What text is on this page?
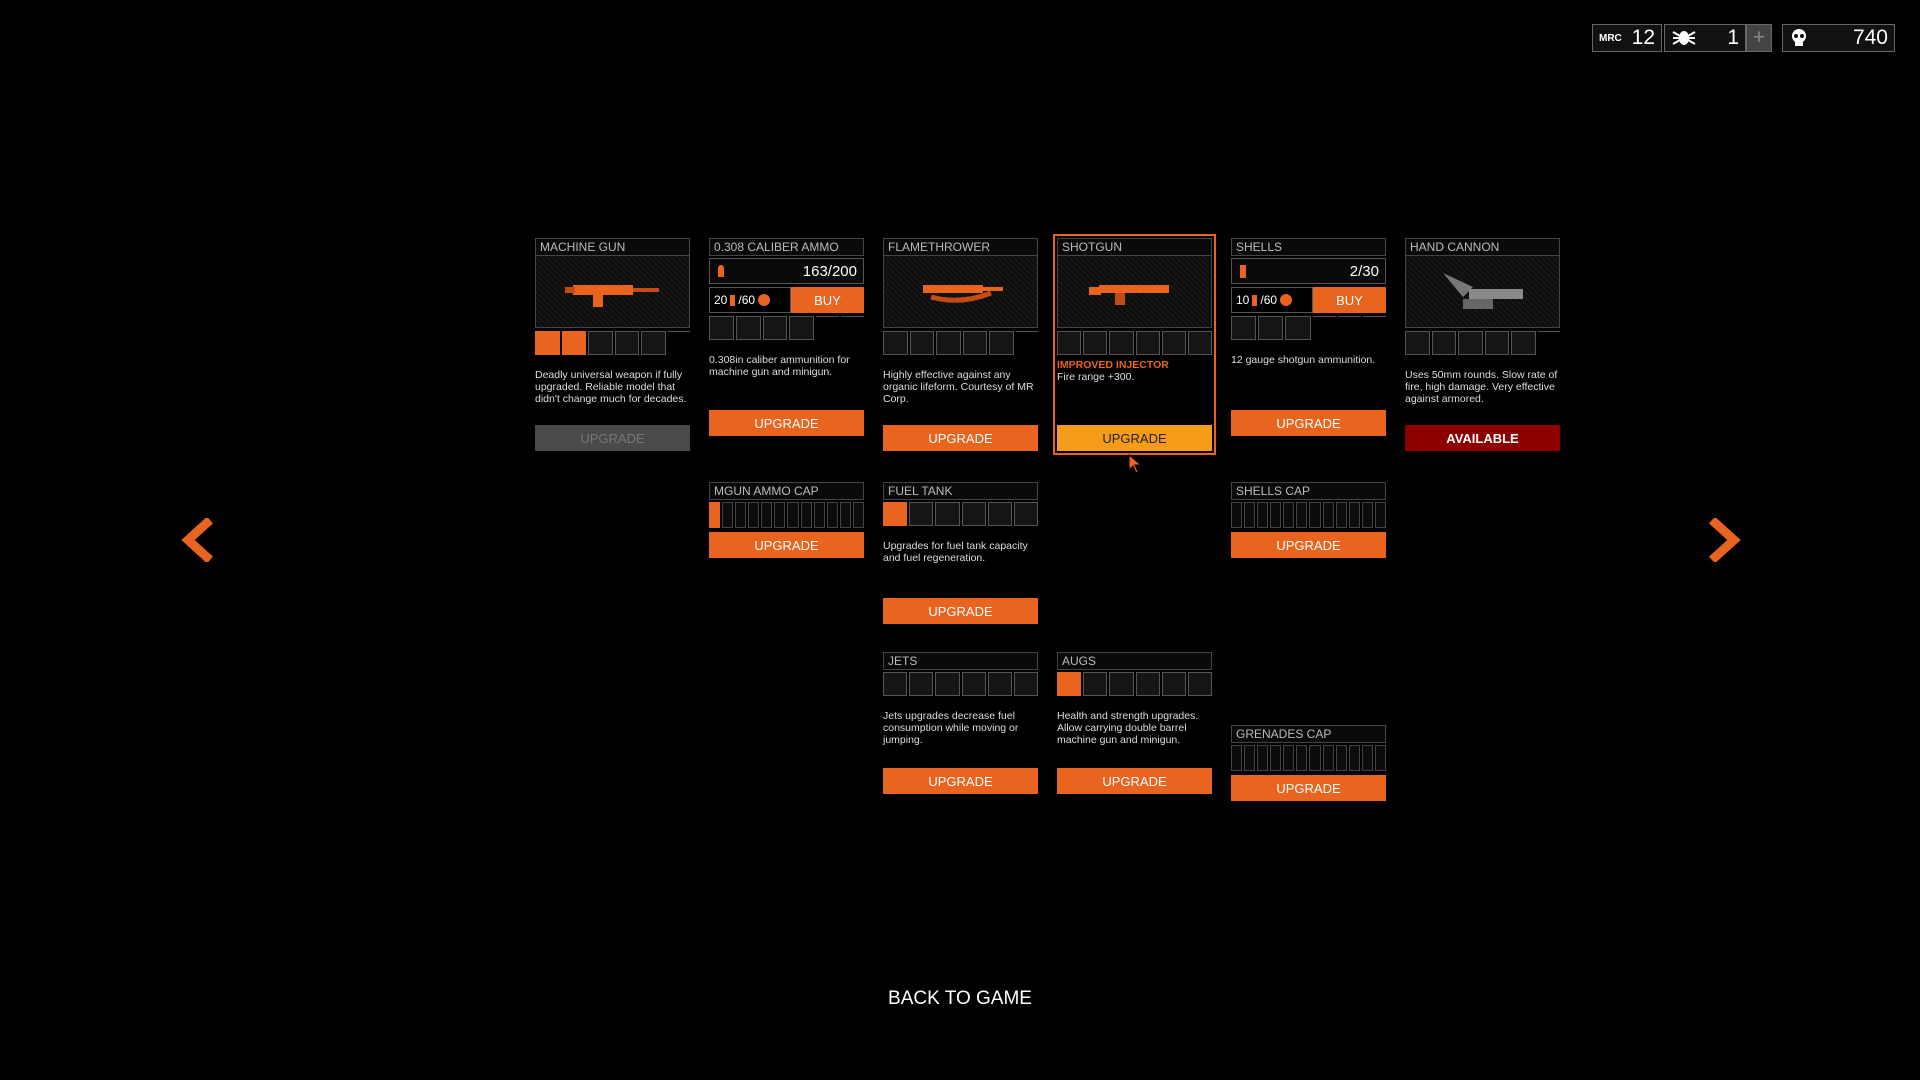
MRC 12	1 +	740
MACHINE GUN
Deadly universal weapon if fully upgraded. Reliable model that didn't change much for decades.
UPGRADE
0.308 CALIBER AMMO
163/200
20 /60	BUY
0.308in caliber ammunition for machine gun and minigun.
UPGRADE
FLAMETHROWER
Highly effective against any organic lifeform. Courtesy of MR Corp.
UPGRADE
SHOTGUN
IMPROVED INJECTOR
Fire range +300.
UPGRADE
SHELLS
2/30
10 /60	BUY
12 gauge shotgun ammunition.
UPGRADE
HAND CANNON
Uses 50mm rounds. Slow rate of fire, high damage. Very effective against armored.
AVAILABLE
MGUN AMMO CAP
UPGRADE
FUEL TANK
Upgrades for fuel tank capacity and fuel regeneration.
UPGRADE
SHELLS CAP
UPGRADE
JETS
Jets upgrades decrease fuel consumption while moving or jumping.
UPGRADE
AUGS
Health and strength upgrades. Allow carrying double barrel machine gun and minigun.
UPGRADE
GRENADES CAP
UPGRADE
BACK TO GAME
